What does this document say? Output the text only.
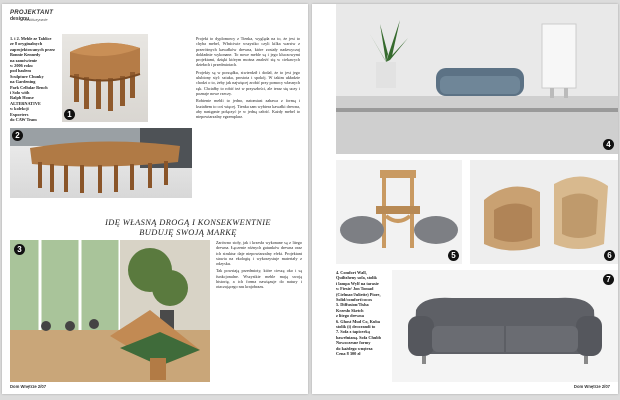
PROJEKTANT
ekskluzywnie
designu

1. i 2. Meble ze Tablice

ze 8 oryginalnych

zaprojektowanych przez

Bonnie Kennedy

na zamówienie

w 2006 roku

pod hasłem

Sculpture Chunky

na Gardening

Park Cellular Bench

i Solo with

Ralph House

ALTERNATIVE

w kolekcji

Exporters

do CAW Team

1
2

Projekt to dyplomowy z Tienka, wygląda na to, że jest to chyba mebel, Właściwie wszystko czyli kilka warstw z przeróżnych kawałków drewna, które zostały nadzwyczaj dokładnie wykonane. To nowe meble są i jego kluczowymi projektami, dzięki którym można znaleźć się w ciekawych dziełach i przedmiotach.

Projekty są w porządku, stwierdził i dodał, że to jest jego ulubiony styl: sztuka, prostota i spokój. W takim układzie chodzi o to, żeby jak najwięcej zrobić przy pomocy własnych rąk. Chciałby to robić też w przyszłości, ale teraz się uczy i poznaje nowe rzeczy.

Robienie mebli to jedno, natomiast zabawa z formą i kształtem to coś więcej. Tienka sam wybiera kawałki drewna, aby następnie połączyć je w jedną całość. Każdy mebel to niepowtarzalny egzemplarz.

IDĘ WŁASNĄ DROGĄ I KONSEKWENTNIE
BUDUJĘ SWOJĄ MARKĘ
3

Zarówno stoły, jak i krzesła wykonane są z litego drewna. Łączenie różnych gatunków drewna oraz ich struktur daje niepowtarzalny efekt. Projektant stawia na ekologię i wykorzystuje materiały z odzysku.

Tak powstają przedmioty, które cieszą oko i są funkcjonalne. Wszystkie meble mają swoją historię, a ich forma nawiązuje do natury i otaczającego nas krajobrazu.

Dom Wnętrze 2/07
4
5	6

4. Comfort Wall,

Quiltzheny sofa, stolik

i lampa Wylf na tarasie

w Fiesie/ Jon Tomad

(Cielmar/Juliette) Piore,

Solid/comfort/cocos

5. Diffusion/Tisha

Krzesło Sketch

z litego drewna

6. Ghost Mud Co, Kuba

stolik (i) decorandi to

7. Sofa z tapicerką

bawełnianą. Sofa Chubb

Nowoczesne formy

do każdego wnętrza

Cena 8 300 zł

7
Dom Wnętrze 2/07
